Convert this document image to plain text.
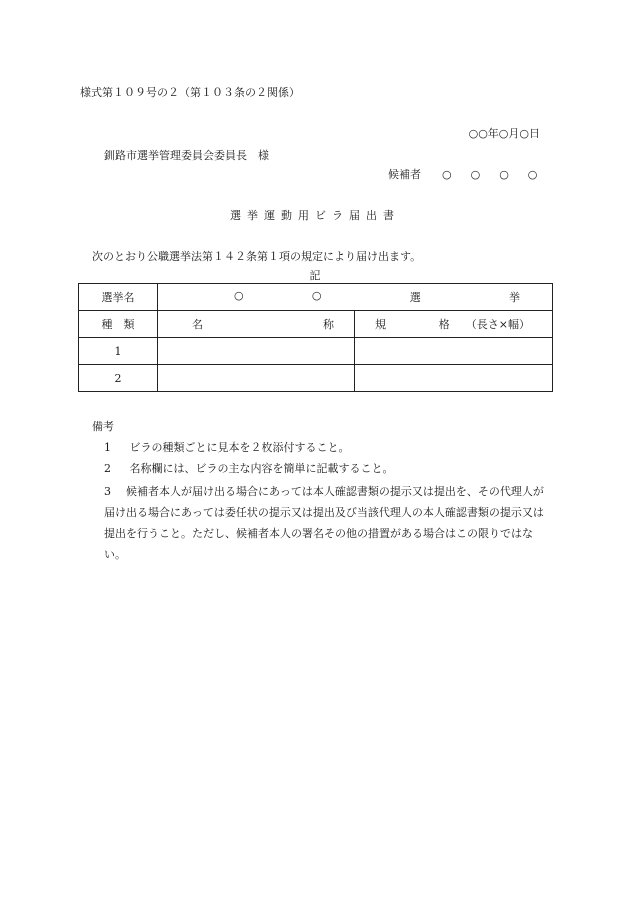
様式第１０９号の２（第１０３条の２関係）
○○年○月○日
釧路市選挙管理委員会委員長　様
候補者 ○　○　○　○
選挙運動用ビラ届出書
次のとおり公職選挙法第１４２条第１項の規定により届け出ます。
記
選挙名	○ ○ 選 挙	

種　類	名 称	規 格 （長さ×幅）

1		
2		
備考
1 ビラの種類ごとに見本を２枚添付すること。
2 名称欄には、ビラの主な内容を簡単に記載すること。
3 候補者本人が届け出る場合にあっては本人確認書類の提示又は提出を、その代理人が届け出る場合にあっては委任状の提示又は提出及び当該代理人の本人確認書類の提示又は提出を行うこと。ただし、候補者本人の署名その他の措置がある場合はこの限りではない。
